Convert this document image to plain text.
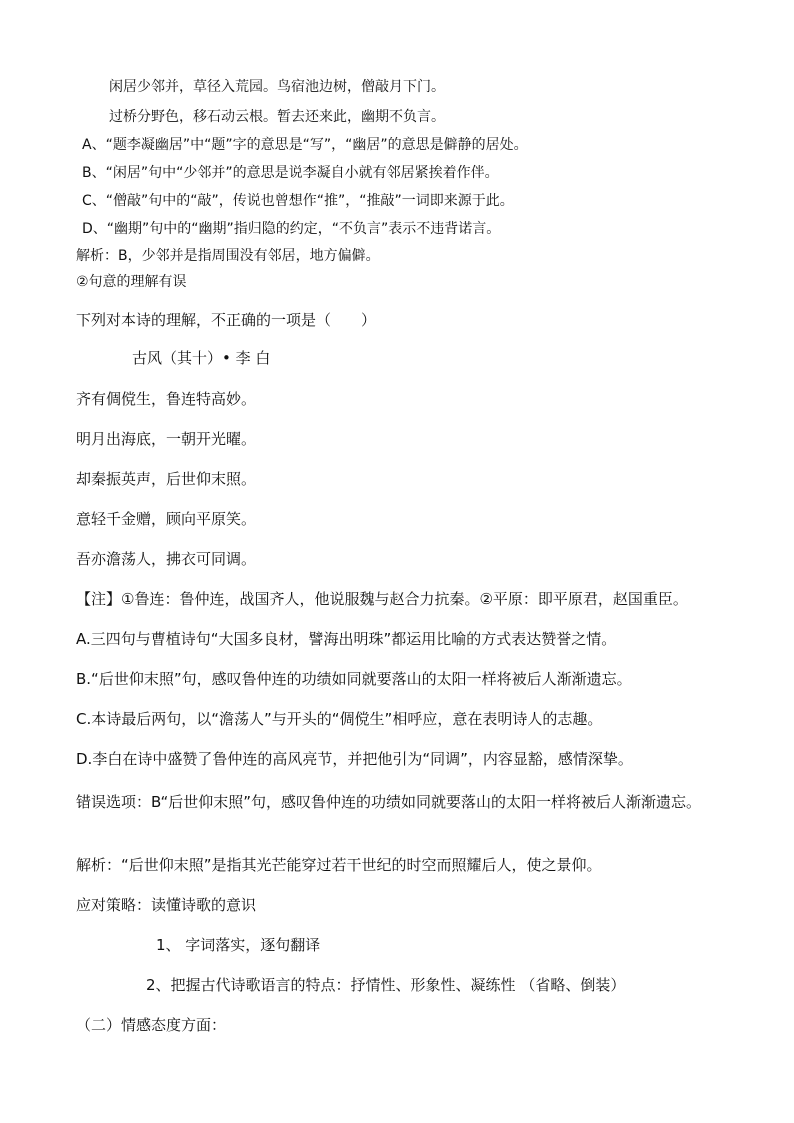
闲居少邻并，草径入荒园。鸟宿池边树，僧敲月下门。
过桥分野色，移石动云根。暂去还来此，幽期不负言。
A、“题李凝幽居”中“题”字的意思是“写”，“幽居”的意思是僻静的居处。
B、“闲居”句中“少邻并”的意思是说李凝自小就有邻居紧挨着作伴。
C、“僧敲”句中的“敲”，传说也曾想作“推”，“推敲”一词即来源于此。
D、“幽期”句中的“幽期”指归隐的约定，“不负言”表示不违背诺言。
解析：B，少邻并是指周围没有邻居，地方偏僻。
②句意的理解有误
下列对本诗的理解，不正确的一项是（　　）
古风（其十）• 李 白
齐有倜傥生，鲁连特高妙。
明月出海底，一朝开光曜。
却秦振英声，后世仰末照。
意轻千金赠，顾向平原笑。
吾亦澹荡人，拂衣可同调。
【注】①鲁连：鲁仲连，战国齐人，他说服魏与赵合力抗秦。②平原：即平原君，赵国重臣。
A.三四句与曹植诗句“大国多良材，譬海出明珠”都运用比喻的方式表达赞誉之情。
B.“后世仰末照”句，感叹鲁仲连的功绩如同就要落山的太阳一样将被后人渐渐遗忘。
C.本诗最后两句，以“澹荡人”与开头的“倜傥生”相呼应，意在表明诗人的志趣。
D.李白在诗中盛赞了鲁仲连的高风亮节，并把他引为“同调”，内容显豁，感情深挚。
错误选项：B“后世仰末照”句，感叹鲁仲连的功绩如同就要落山的太阳一样将被后人渐渐遗忘。
解析：“后世仰末照”是指其光芒能穿过若干世纪的时空而照耀后人，使之景仰。
应对策略：读懂诗歌的意识
1、 字词落实，逐句翻译
2、把握古代诗歌语言的特点：抒情性、形象性、凝练性 （省略、倒装）
（二）情感态度方面：
